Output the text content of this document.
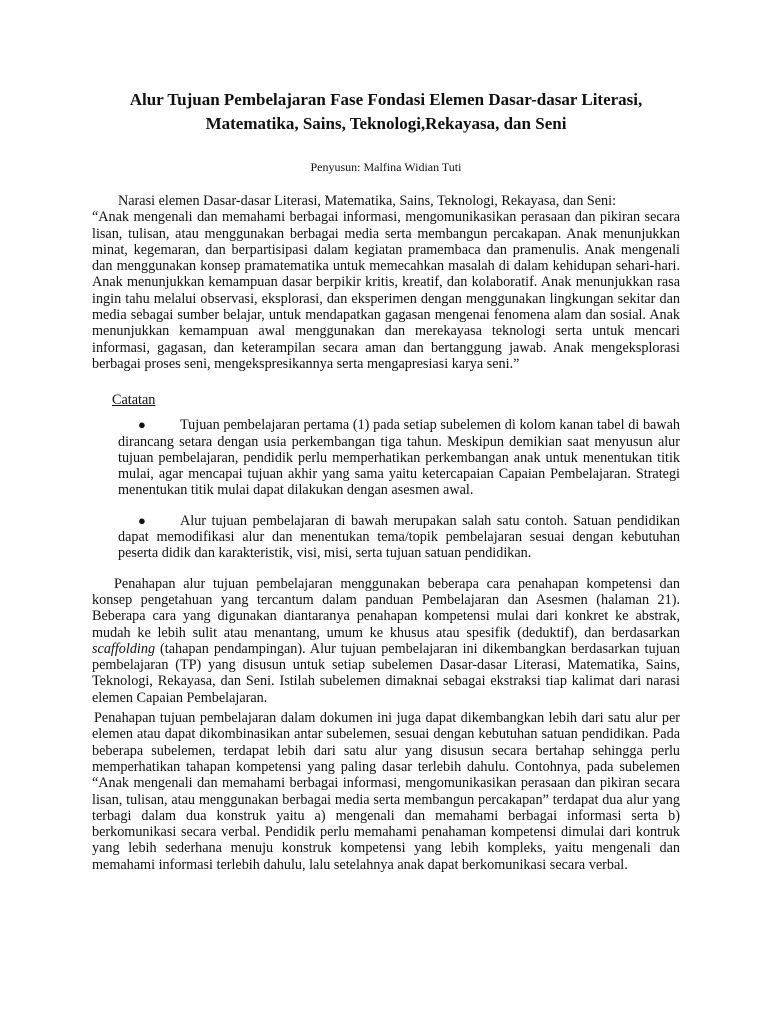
Alur Tujuan Pembelajaran Fase Fondasi Elemen Dasar-dasar Literasi,
Matematika, Sains, Teknologi,Rekayasa, dan Seni
Penyusun: Malfina Widian Tuti

Narasi elemen Dasar-dasar Literasi, Matematika, Sains, Teknologi, Rekayasa, dan Seni:
“Anak mengenali dan memahami berbagai informasi, mengomunikasikan perasaan dan pikiran secara lisan, tulisan, atau menggunakan berbagai media serta membangun percakapan. Anak menunjukkan minat, kegemaran, dan berpartisipasi dalam kegiatan pramembaca dan pramenulis. Anak mengenali dan menggunakan konsep pramatematika untuk memecahkan masalah di dalam kehidupan sehari-hari. Anak menunjukkan kemampuan dasar berpikir kritis, kreatif, dan kolaboratif. Anak menunjukkan rasa ingin tahu melalui observasi, eksplorasi, dan eksperimen dengan menggunakan lingkungan sekitar dan media sebagai sumber belajar, untuk mendapatkan gagasan mengenai fenomena alam dan sosial. Anak menunjukkan kemampuan awal menggunakan dan merekayasa teknologi serta untuk mencari informasi, gagasan, dan keterampilan secara aman dan bertanggung jawab. Anak mengeksplorasi berbagai proses seni, mengekspresikannya serta mengapresiasi karya seni.”

Catatan
● Tujuan pembelajaran pertama (1) pada setiap subelemen di kolom kanan tabel di bawah dirancang setara dengan usia perkembangan tiga tahun. Meskipun demikian saat menyusun alur tujuan pembelajaran, pendidik perlu memperhatikan perkembangan anak untuk menentukan titik mulai, agar mencapai tujuan akhir yang sama yaitu ketercapaian Capaian Pembelajaran. Strategi menentukan titik mulai dapat dilakukan dengan asesmen awal.
● Alur tujuan pembelajaran di bawah merupakan salah satu contoh. Satuan pendidikan dapat memodifikasi alur dan menentukan tema/topik pembelajaran sesuai dengan kebutuhan peserta didik dan karakteristik, visi, misi, serta tujuan satuan pendidikan.

Penahapan alur tujuan pembelajaran menggunakan beberapa cara penahapan kompetensi dan konsep pengetahuan yang tercantum dalam panduan Pembelajaran dan Asesmen (halaman 21). Beberapa cara yang digunakan diantaranya penahapan kompetensi mulai dari konkret ke abstrak, mudah ke lebih sulit atau menantang, umum ke khusus atau spesifik (deduktif), dan berdasarkan scaffolding (tahapan pendampingan). Alur tujuan pembelajaran ini dikembangkan berdasarkan tujuan pembelajaran (TP) yang disusun untuk setiap subelemen Dasar-dasar Literasi, Matematika, Sains, Teknologi, Rekayasa, dan Seni. Istilah subelemen dimaknai sebagai ekstraksi tiap kalimat dari narasi elemen Capaian Pembelajaran.

Penahapan tujuan pembelajaran dalam dokumen ini juga dapat dikembangkan lebih dari satu alur per elemen atau dapat dikombinasikan antar subelemen, sesuai dengan kebutuhan satuan pendidikan. Pada beberapa subelemen, terdapat lebih dari satu alur yang disusun secara bertahap sehingga perlu memperhatikan tahapan kompetensi yang paling dasar terlebih dahulu. Contohnya, pada subelemen “Anak mengenali dan memahami berbagai informasi, mengomunikasikan perasaan dan pikiran secara lisan, tulisan, atau menggunakan berbagai media serta membangun percakapan” terdapat dua alur yang terbagi dalam dua konstruk yaitu a) mengenali dan memahami berbagai informasi serta b) berkomunikasi secara verbal. Pendidik perlu memahami penahaman kompetensi dimulai dari kontruk yang lebih sederhana menuju konstruk kompetensi yang lebih kompleks, yaitu mengenali dan memahami informasi terlebih dahulu, lalu setelahnya anak dapat berkomunikasi secara verbal.
